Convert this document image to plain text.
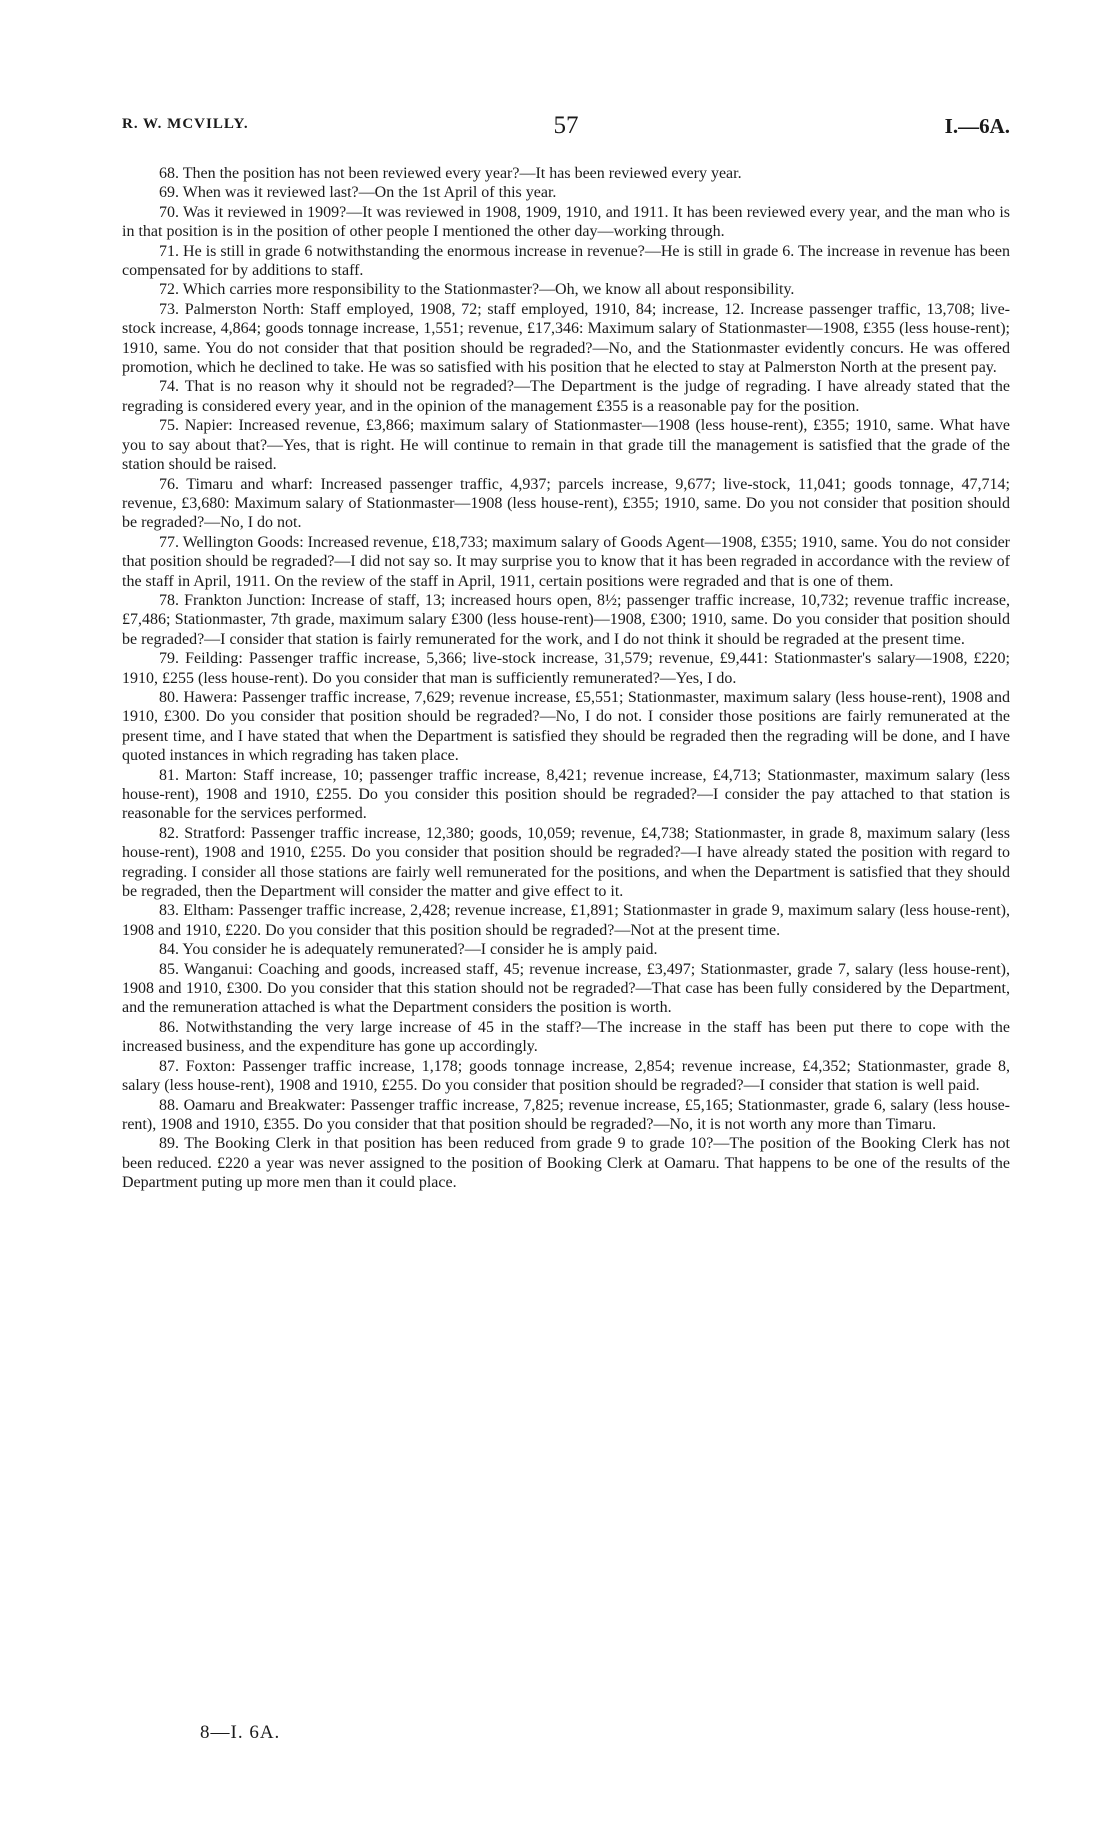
R. W. MCVILLY.	57	I.—6A.

68. Then the position has not been reviewed every year?—It has been reviewed every year.

69. When was it reviewed last?—On the 1st April of this year.

70. Was it reviewed in 1909?—It was reviewed in 1908, 1909, 1910, and 1911. It has been reviewed every year, and the man who is in that position is in the position of other people I mentioned the other day—working through.

71. He is still in grade 6 notwithstanding the enormous increase in revenue?—He is still in grade 6. The increase in revenue has been compensated for by additions to staff.

72. Which carries more responsibility to the Stationmaster?—Oh, we know all about responsibility.

73. Palmerston North: Staff employed, 1908, 72; staff employed, 1910, 84; increase, 12. Increase passenger traffic, 13,708; live-stock increase, 4,864; goods tonnage increase, 1,551; revenue, £17,346: Maximum salary of Stationmaster—1908, £355 (less house-rent); 1910, same. You do not consider that that position should be regraded?—No, and the Stationmaster evidently concurs. He was offered promotion, which he declined to take. He was so satisfied with his position that he elected to stay at Palmerston North at the present pay.

74. That is no reason why it should not be regraded?—The Department is the judge of regrading. I have already stated that the regrading is considered every year, and in the opinion of the management £355 is a reasonable pay for the position.

75. Napier: Increased revenue, £3,866; maximum salary of Stationmaster—1908 (less house-rent), £355; 1910, same. What have you to say about that?—Yes, that is right. He will continue to remain in that grade till the management is satisfied that the grade of the station should be raised.

76. Timaru and wharf: Increased passenger traffic, 4,937; parcels increase, 9,677; live-stock, 11,041; goods tonnage, 47,714; revenue, £3,680: Maximum salary of Stationmaster—1908 (less house-rent), £355; 1910, same. Do you not consider that position should be regraded?—No, I do not.

77. Wellington Goods: Increased revenue, £18,733; maximum salary of Goods Agent—1908, £355; 1910, same. You do not consider that position should be regraded?—I did not say so. It may surprise you to know that it has been regraded in accordance with the review of the staff in April, 1911. On the review of the staff in April, 1911, certain positions were regraded and that is one of them.

78. Frankton Junction: Increase of staff, 13; increased hours open, 8½; passenger traffic increase, 10,732; revenue traffic increase, £7,486; Stationmaster, 7th grade, maximum salary £300 (less house-rent)—1908, £300; 1910, same. Do you consider that position should be regraded?—I consider that station is fairly remunerated for the work, and I do not think it should be regraded at the present time.

79. Feilding: Passenger traffic increase, 5,366; live-stock increase, 31,579; revenue, £9,441: Stationmaster's salary—1908, £220; 1910, £255 (less house-rent). Do you consider that man is sufficiently remunerated?—Yes, I do.

80. Hawera: Passenger traffic increase, 7,629; revenue increase, £5,551; Stationmaster, maximum salary (less house-rent), 1908 and 1910, £300. Do you consider that position should be regraded?—No, I do not. I consider those positions are fairly remunerated at the present time, and I have stated that when the Department is satisfied they should be regraded then the regrading will be done, and I have quoted instances in which regrading has taken place.

81. Marton: Staff increase, 10; passenger traffic increase, 8,421; revenue increase, £4,713; Stationmaster, maximum salary (less house-rent), 1908 and 1910, £255. Do you consider this position should be regraded?—I consider the pay attached to that station is reasonable for the services performed.

82. Stratford: Passenger traffic increase, 12,380; goods, 10,059; revenue, £4,738; Stationmaster, in grade 8, maximum salary (less house-rent), 1908 and 1910, £255. Do you consider that position should be regraded?—I have already stated the position with regard to regrading. I consider all those stations are fairly well remunerated for the positions, and when the Department is satisfied that they should be regraded, then the Department will consider the matter and give effect to it.

83. Eltham: Passenger traffic increase, 2,428; revenue increase, £1,891; Stationmaster in grade 9, maximum salary (less house-rent), 1908 and 1910, £220. Do you consider that this position should be regraded?—Not at the present time.

84. You consider he is adequately remunerated?—I consider he is amply paid.

85. Wanganui: Coaching and goods, increased staff, 45; revenue increase, £3,497; Stationmaster, grade 7, salary (less house-rent), 1908 and 1910, £300. Do you consider that this station should not be regraded?—That case has been fully considered by the Department, and the remuneration attached is what the Department considers the position is worth.

86. Notwithstanding the very large increase of 45 in the staff?—The increase in the staff has been put there to cope with the increased business, and the expenditure has gone up accordingly.

87. Foxton: Passenger traffic increase, 1,178; goods tonnage increase, 2,854; revenue increase, £4,352; Stationmaster, grade 8, salary (less house-rent), 1908 and 1910, £255. Do you consider that position should be regraded?—I consider that station is well paid.

88. Oamaru and Breakwater: Passenger traffic increase, 7,825; revenue increase, £5,165; Stationmaster, grade 6, salary (less house-rent), 1908 and 1910, £355. Do you consider that that position should be regraded?—No, it is not worth any more than Timaru.

89. The Booking Clerk in that position has been reduced from grade 9 to grade 10?—The position of the Booking Clerk has not been reduced. £220 a year was never assigned to the position of Booking Clerk at Oamaru. That happens to be one of the results of the Department puting up more men than it could place.

8—I. 6A.
